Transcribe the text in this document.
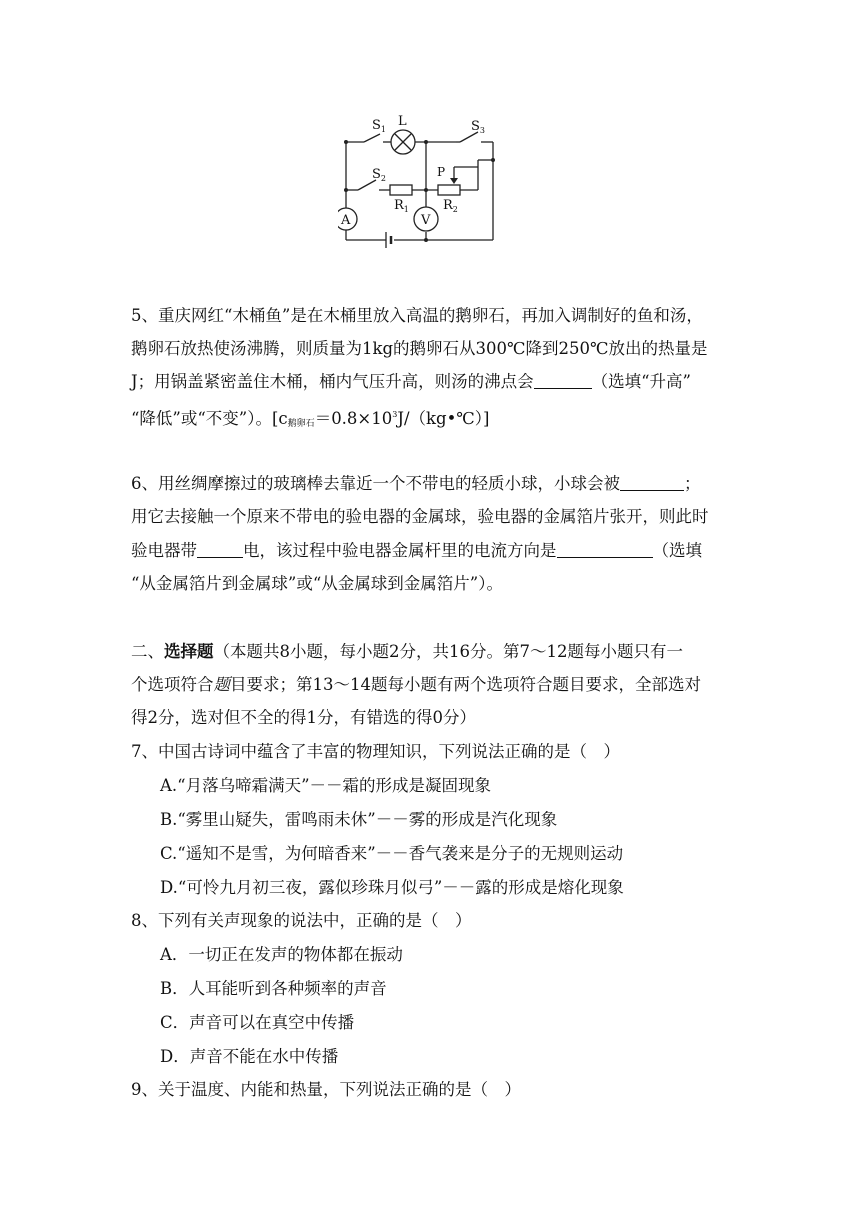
$S_1$
L	$S_3$
$S_2$	P
$R_1$	$R_2$
A	V
5、重庆网红“木桶鱼”是在木桶里放入高温的鹅卵石，再加入调制好的鱼和汤，
鹅卵石放热使汤沸腾，则质量为1kg的鹅卵石从300℃降到250℃放出的热量是
J；用锅盖紧密盖住木桶，桶内气压升高，则汤的沸点会	（选填“升高”
“降低”或“不变”）。$[c_{鹅卵石}=0.8\times 10^3J/(kg•℃)]$
6、用丝绸摩擦过的玻璃棒去靠近一个不带电的轻质小球，小球会被	；
用它去接触一个原来不带电的验电器的金属球，验电器的金属箔片张开，则此时
验电器带	电，该过程中验电器金属杆里的电流方向是	（选填
“从金属箔片到金属球”或“从金属球到金属箔片”）。
二、选择题（本题共8小题，每小题2分，共16分。第7～12题每小题只有一
个选项符合题目要求；第13～14题每小题有两个选项符合题目要求，全部选对
得2分，选对但不全的得1分，有错选的得0分）
7、中国古诗词中蕴含了丰富的物理知识，下列说法正确的是（　）
A.“月落乌啼霜满天”－－霜的形成是凝固现象
B.“雾里山疑失，雷鸣雨未休”－－雾的形成是汽化现象
C.“遥知不是雪，为何暗香来”－－香气袭来是分子的无规则运动
D.“可怜九月初三夜，露似珍珠月似弓”－－露的形成是熔化现象
8、下列有关声现象的说法中，正确的是（　）
A．一切正在发声的物体都在振动
B．人耳能听到各种频率的声音
C．声音可以在真空中传播
D．声音不能在水中传播
9、关于温度、内能和热量，下列说法正确的是（　）
